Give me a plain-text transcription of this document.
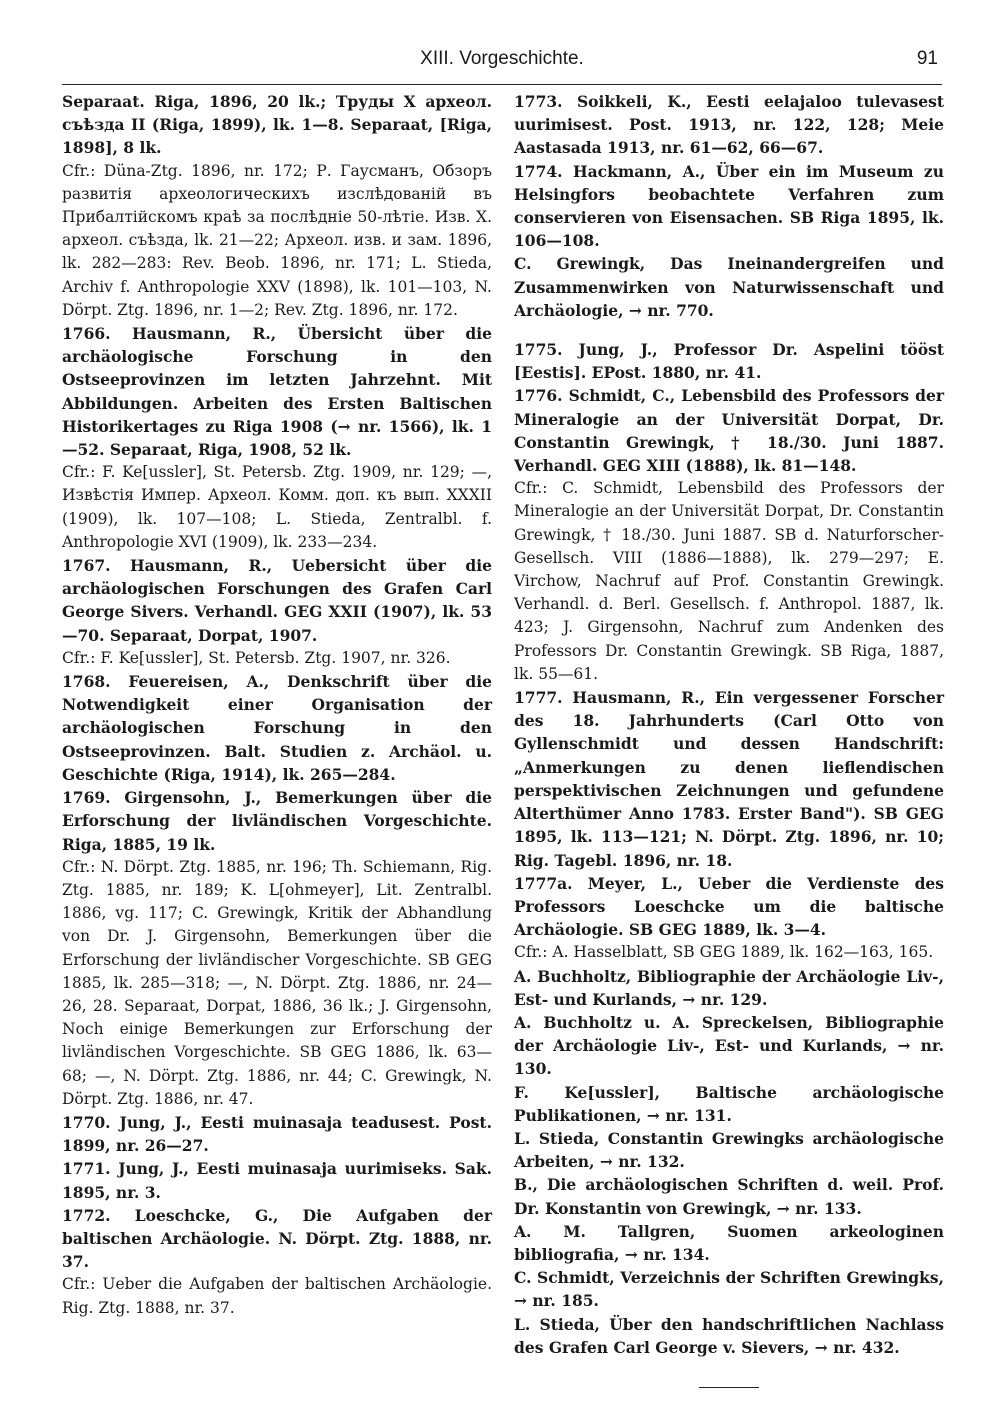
XIII. Vorgeschichte.	91
Separaat. Riga, 1896, 20 lk.; Труды X археол. съѣзда II (Riga, 1899), lk. 1—8. Separaat, [Riga, 1898], 8 lk.
Cfr.: Düna-Ztg. 1896, nr. 172; Р. Гаусманъ, Обзоръ развитія археологическихъ изслѣдованій въ Прибалтійскомъ краѣ за послѣдніе 50-лѣтіе. Изв. X. археол. съѣзда, lk. 21—22; Археол. изв. и зам. 1896, lk. 282—283: Rev. Beob. 1896, nr. 171; L. Stieda, Archiv f. Anthropologie XXV (1898), lk. 101—103, N. Dörpt. Ztg. 1896, nr. 1—2; Rev. Ztg. 1896, nr. 172.
1766. Hausmann, R., Übersicht über die archäologische Forschung in den Ostseeprovinzen im letzten Jahrzehnt. Mit Abbildungen. Arbeiten des Ersten Baltischen Historikertages zu Riga 1908 (→ nr. 1566), lk. 1—52. Separaat, Riga, 1908, 52 lk.
Cfr.: F. Ke[ussler], St. Petersb. Ztg. 1909, nr. 129; —, Извѣстія Импер. Археол. Комм. доп. къ вып. XXXII (1909), lk. 107—108; L. Stieda, Zentralbl. f. Anthropologie XVI (1909), lk. 233—234.
1767. Hausmann, R., Uebersicht über die archäologischen Forschungen des Grafen Carl George Sivers. Verhandl. GEG XXII (1907), lk. 53—70. Separaat, Dorpat, 1907.
Cfr.: F. Ke[ussler], St. Petersb. Ztg. 1907, nr. 326.
1768. Feuereisen, A., Denkschrift über die Notwendigkeit einer Organisation der archäologischen Forschung in den Ostseeprovinzen. Balt. Studien z. Archäol. u. Geschichte (Riga, 1914), lk. 265—284.
1769. Girgensohn, J., Bemerkungen über die Erforschung der livländischen Vorgeschichte. Riga, 1885, 19 lk.
Cfr.: N. Dörpt. Ztg. 1885, nr. 196; Th. Schiemann, Rig. Ztg. 1885, nr. 189; K. L[ohmeyer], Lit. Zentralbl. 1886, vg. 117; C. Grewingk, Kritik der Abhandlung von Dr. J. Girgensohn, Bemerkungen über die Erforschung der livländischer Vorgeschichte. SB GEG 1885, lk. 285—318; —, N. Dörpt. Ztg. 1886, nr. 24—26, 28. Separaat, Dorpat, 1886, 36 lk.; J. Girgensohn, Noch einige Bemerkungen zur Erforschung der livländischen Vorgeschichte. SB GEG 1886, lk. 63—68; —, N. Dörpt. Ztg. 1886, nr. 44; C. Grewingk, N. Dörpt. Ztg. 1886, nr. 47.
1770. Jung, J., Eesti muinasaja teadusest. Post. 1899, nr. 26—27.
1771. Jung, J., Eesti muinasaja uurimiseks. Sak. 1895, nr. 3.
1772. Loeschcke, G., Die Aufgaben der baltischen Archäologie. N. Dörpt. Ztg. 1888, nr. 37.
Cfr.: Ueber die Aufgaben der baltischen Archäologie. Rig. Ztg. 1888, nr. 37.
1773. Soikkeli, K., Eesti eelajaloo tulevasest uurimisest. Post. 1913, nr. 122, 128; Meie Aastasada 1913, nr. 61—62, 66—67.
1774. Hackmann, A., Über ein im Museum zu Helsingfors beobachtete Verfahren zum conservieren von Eisensachen. SB Riga 1895, lk. 106—108.
C. Grewingk, Das Ineinandergreifen und Zusammenwirken von Naturwissenschaft und Archäologie, → nr. 770.
1775. Jung, J., Professor Dr. Aspelini tööst [Eestis]. EPost. 1880, nr. 41.
1776. Schmidt, C., Lebensbild des Professors der Mineralogie an der Universität Dorpat, Dr. Constantin Grewingk, † 18./30. Juni 1887. Verhandl. GEG XIII (1888), lk. 81—148.
Cfr.: C. Schmidt, Lebensbild des Professors der Mineralogie an der Universität Dorpat, Dr. Constantin Grewingk, † 18./30. Juni 1887. SB d. Naturforscher-Gesellsch. VIII (1886—1888), lk. 279—297; E. Virchow, Nachruf auf Prof. Constantin Grewingk. Verhandl. d. Berl. Gesellsch. f. Anthropol. 1887, lk. 423; J. Girgensohn, Nachruf zum Andenken des Professors Dr. Constantin Grewingk. SB Riga, 1887, lk. 55—61.
1777. Hausmann, R., Ein vergessener Forscher des 18. Jahrhunderts (Carl Otto von Gyllenschmidt und dessen Handschrift: „Anmerkungen zu denen lieflendischen perspektivischen Zeichnungen und gefundene Alterthümer Anno 1783. Erster Band"). SB GEG 1895, lk. 113—121; N. Dörpt. Ztg. 1896, nr. 10; Rig. Tagebl. 1896, nr. 18.
1777a. Meyer, L., Ueber die Verdienste des Professors Loeschcke um die baltische Archäologie. SB GEG 1889, lk. 3—4.
Cfr.: A. Hasselblatt, SB GEG 1889, lk. 162—163, 165.
A. Buchholtz, Bibliographie der Archäologie Liv-, Est- und Kurlands, → nr. 129.
A. Buchholtz u. A. Spreckelsen, Bibliographie der Archäologie Liv-, Est- und Kurlands, → nr. 130.
F. Ke[ussler], Baltische archäologische Publikationen, → nr. 131.
L. Stieda, Constantin Grewingks archäologische Arbeiten, → nr. 132.
B., Die archäologischen Schriften d. weil. Prof. Dr. Konstantin von Grewingk, → nr. 133.
A. M. Tallgren, Suomen arkeologinen bibliografia, → nr. 134.
C. Schmidt, Verzeichnis der Schriften Grewingks, → nr. 185.
L. Stieda, Über den handschriftlichen Nachlass des Grafen Carl George v. Sievers, → nr. 432.
